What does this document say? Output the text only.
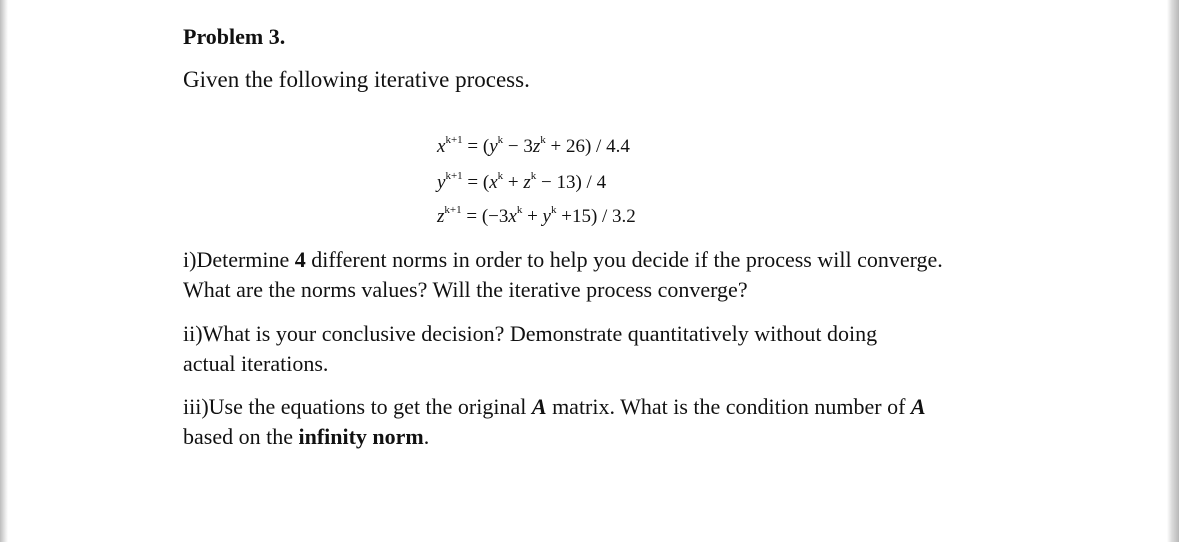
Problem 3.
Given the following iterative process.
$x^{k+1} = (y^k - 3z^k + 26) / 4.4$
$y^{k+1} = (x^k + z^k - 13) / 4$
$z^{k+1} = (-3x^k + y^k +15) / 3.2$
i)Determine 4 different norms in order to help you decide if the process will converge.
What are the norms values? Will the iterative process converge?
ii)What is your conclusive decision? Demonstrate quantitatively without doing
actual iterations.
iii)Use the equations to get the original A matrix. What is the condition number of A
based on the infinity norm.
